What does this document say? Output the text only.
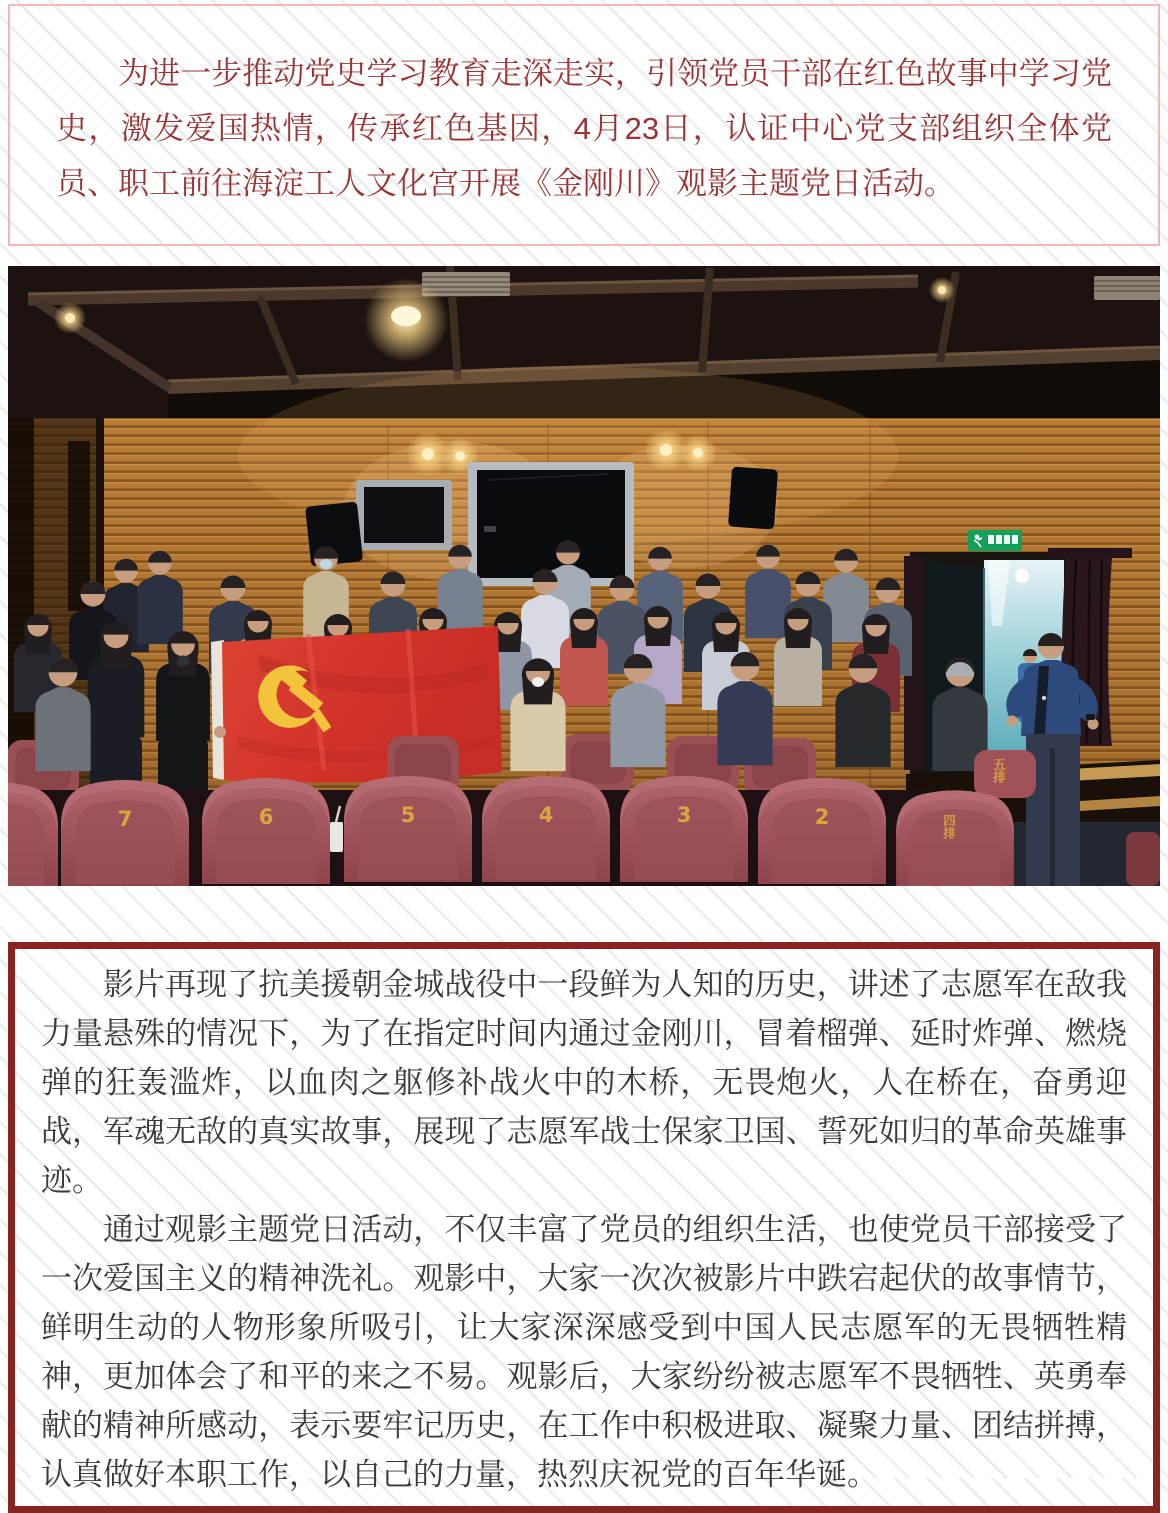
为进一步推动党史学习教育走深走实，引领党员干部在红色故事中学习党史，激发爱国热情，传承红色基因，4月23日，认证中心党支部组织全体党员、职工前往海淀工人文化宫开展《金刚川》观影主题党日活动。

五排
7	6	5	4	3	2	四排

影片再现了抗美援朝金城战役中一段鲜为人知的历史，讲述了志愿军在敌我力量悬殊的情况下，为了在指定时间内通过金刚川，冒着榴弹、延时炸弹、燃烧弹的狂轰滥炸，以血肉之躯修补战火中的木桥，无畏炮火，人在桥在，奋勇迎战，军魂无敌的真实故事，展现了志愿军战士保家卫国、誓死如归的革命英雄事迹。

通过观影主题党日活动，不仅丰富了党员的组织生活，也使党员干部接受了一次爱国主义的精神洗礼。观影中，大家一次次被影片中跌宕起伏的故事情节，鲜明生动的人物形象所吸引，让大家深深感受到中国人民志愿军的无畏牺牲精神，更加体会了和平的来之不易。观影后，大家纷纷被志愿军不畏牺牲、英勇奉献的精神所感动，表示要牢记历史，在工作中积极进取、凝聚力量、团结拼搏，认真做好本职工作，以自己的力量，热烈庆祝党的百年华诞。
